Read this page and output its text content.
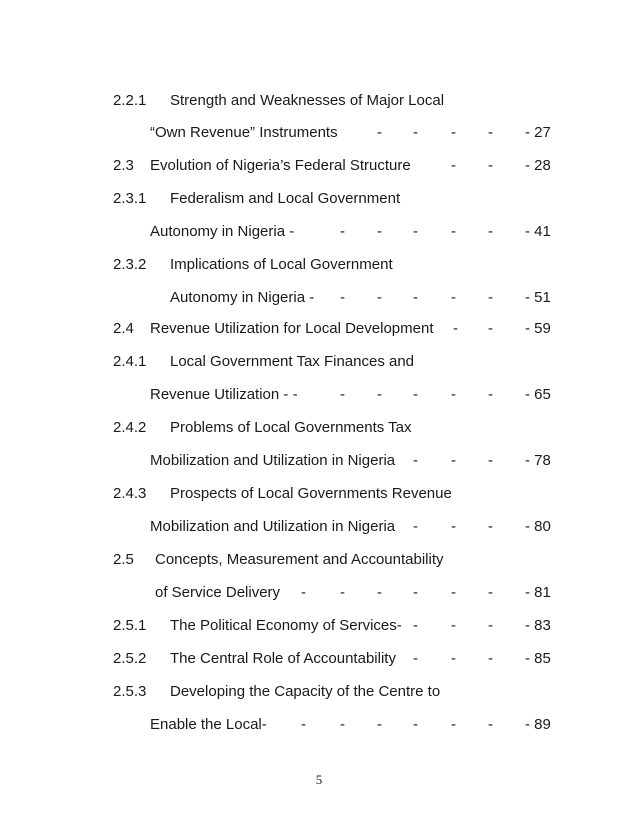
2.2.1 Strength and Weaknesses of Major Local
“Own Revenue” Instruments	- - - - - 27
2.3 Evolution of Nigeria’s Federal Structure	- - - 28
2.3.1 Federalism and Local Government
Autonomy in Nigeria -	- - - - - - 41
2.3.2 Implications of Local Government
Autonomy in Nigeria - - - - - - - 51
2.4 Revenue Utilization for Local Development - - - 59
2.4.1 Local Government Tax Finances and
Revenue Utilization - -	- - - - - - 65
2.4.2 Problems of Local Governments Tax
Mobilization and Utilization in Nigeria - - - - 78
2.4.3 Prospects of Local Governments Revenue
Mobilization and Utilization in Nigeria - - - - 80
2.5 Concepts, Measurement and Accountability
of Service Delivery - - - - - - - 81
2.5.1 The Political Economy of Services- - - - - 83
2.5.2 The Central Role of Accountability - - - - 85
2.5.3 Developing the Capacity of the Centre to
Enable the Local- - - - - - - - 89
5
